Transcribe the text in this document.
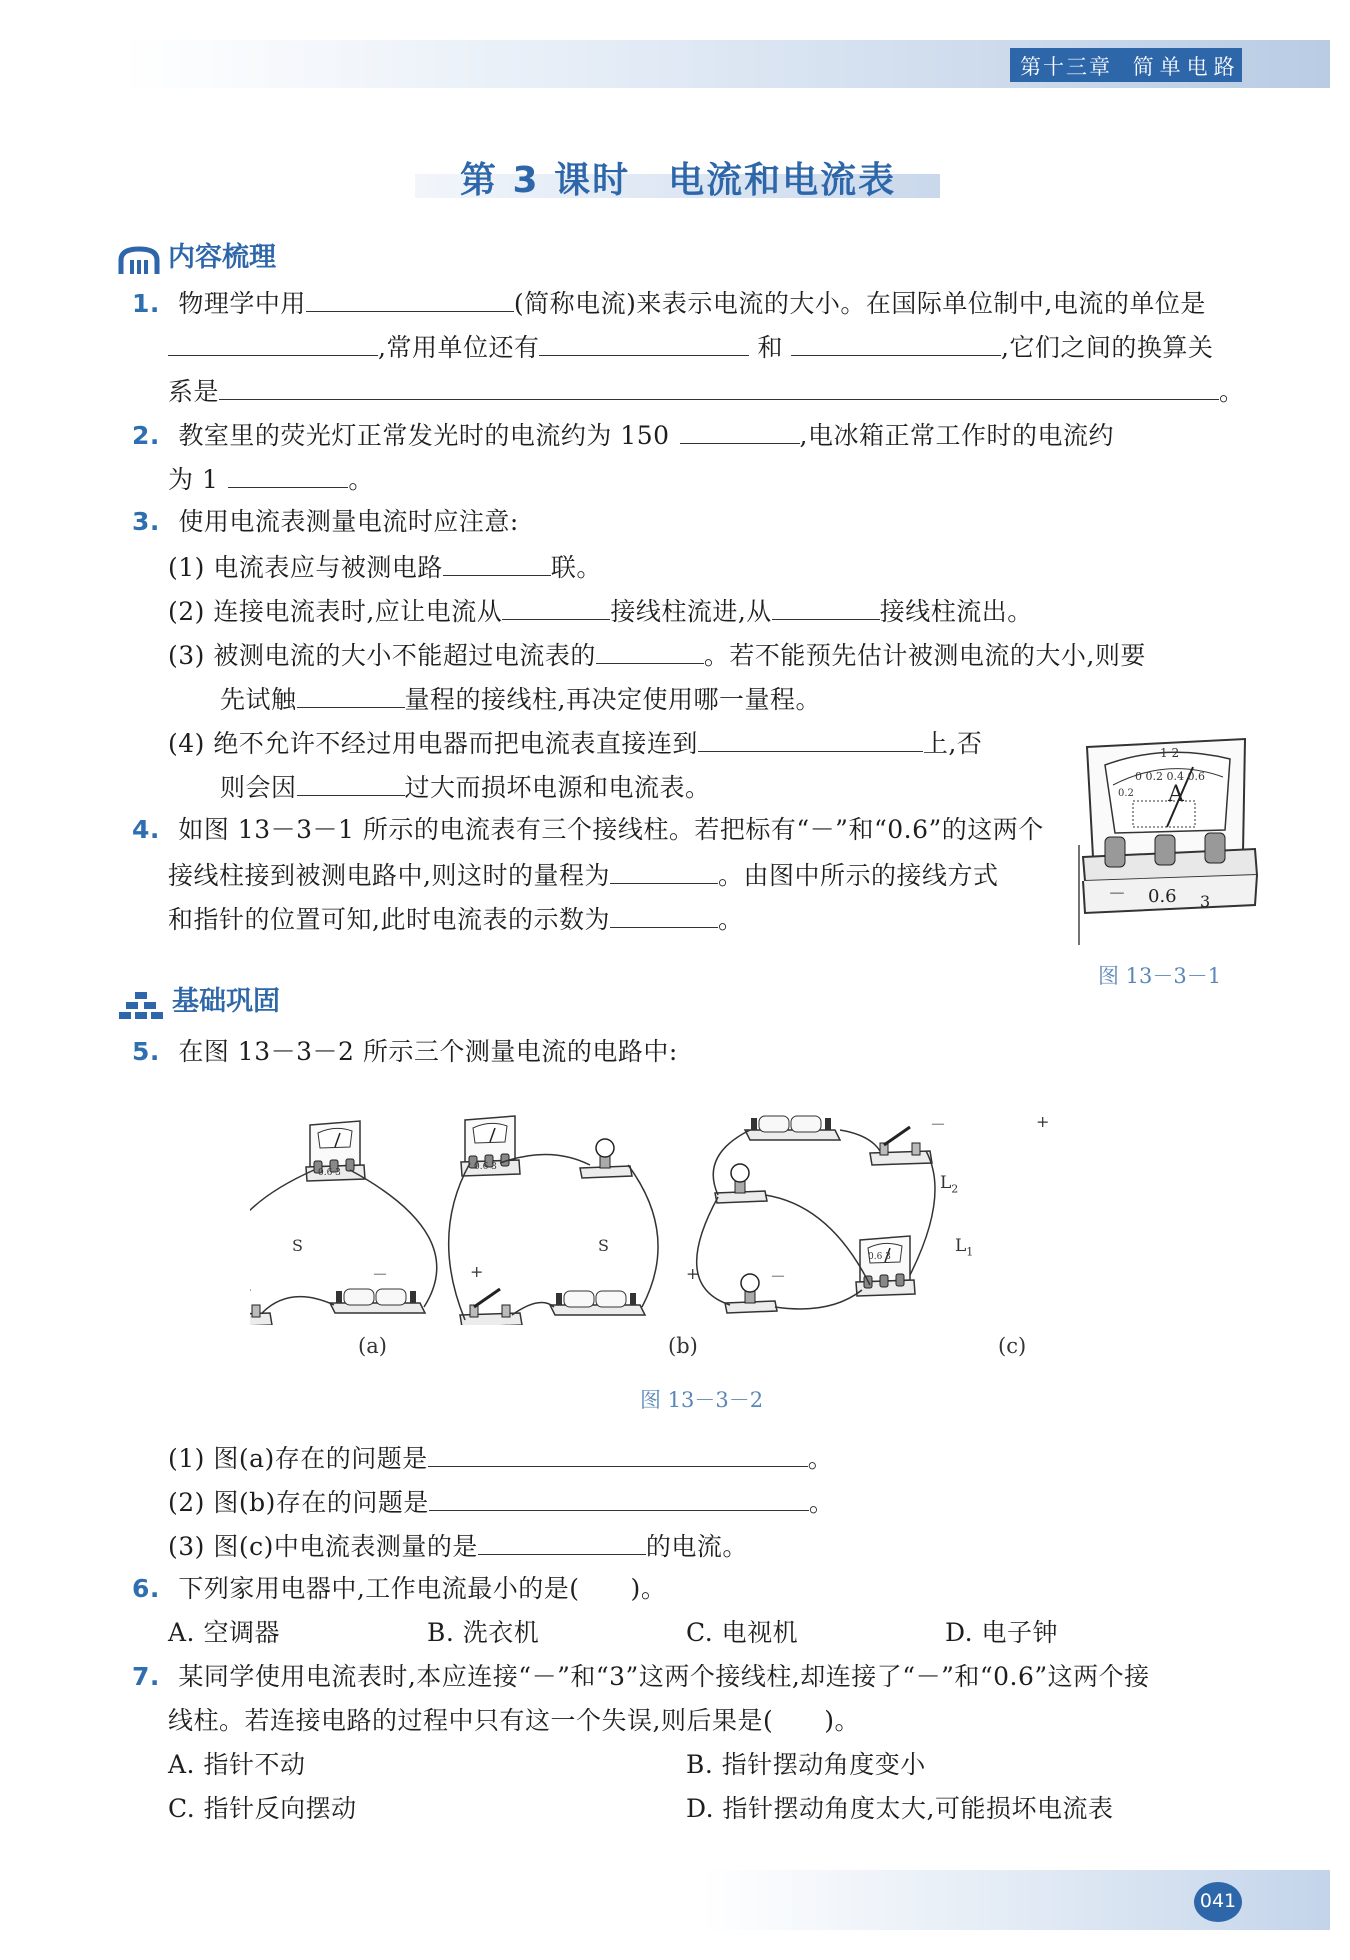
第十三章 简单电路
第 3 课时　电流和电流表
内容梳理
1. 物理学中用	(简称电流)来表示电流的大小。在国际单位制中,电流的单位是
,常用单位还有	和	,它们之间的换算关
系是	。
2. 教室里的荧光灯正常发光时的电流约为 150	,电冰箱正常工作时的电流约
为 1	。
3. 使用电流表测量电流时应注意:
(1) 电流表应与被测电路	联。
(2) 连接电流表时,应让电流从	接线柱流进,从	接线柱流出。
(3) 被测电流的大小不能超过电流表的	。若不能预先估计被测电流的大小,则要
先试触	量程的接线柱,再决定使用哪一量程。
(4) 绝不允许不经过用电器而把电流表直接连到	上,否
则会因	过大而损坏电源和电流表。
4. 如图 13－3－1 所示的电流表有三个接线柱。若把标有“－”和“0.6”的这两个
接线柱接到被测电路中,则这时的量程为	。由图中所示的接线方式
和指针的位置可知,此时电流表的示数为	。
1 2
0 0.2 0.4 0.6
0.2 A
－ 0.6 3
图 13－3－1
基础巩固
5. 在图 13－3－2 所示三个测量电流的电路中:
S
－	+
0.6 3
S
+	－
0.6 3
－	+
$L_2$
$L_1$
0.6 3
(a)	(b)	(c)
图 13－3－2
(1) 图(a)存在的问题是	。
(2) 图(b)存在的问题是	。
(3) 图(c)中电流表测量的是	的电流。
6. 下列家用电器中,工作电流最小的是(　　)。
A. 空调器	B. 洗衣机	C. 电视机	D. 电子钟
7. 某同学使用电流表时,本应连接“－”和“3”这两个接线柱,却连接了“－”和“0.6”这两个接
线柱。若连接电路的过程中只有这一个失误,则后果是(　　)。
A. 指针不动	B. 指针摆动角度变小
C. 指针反向摆动	D. 指针摆动角度太大,可能损坏电流表
041
